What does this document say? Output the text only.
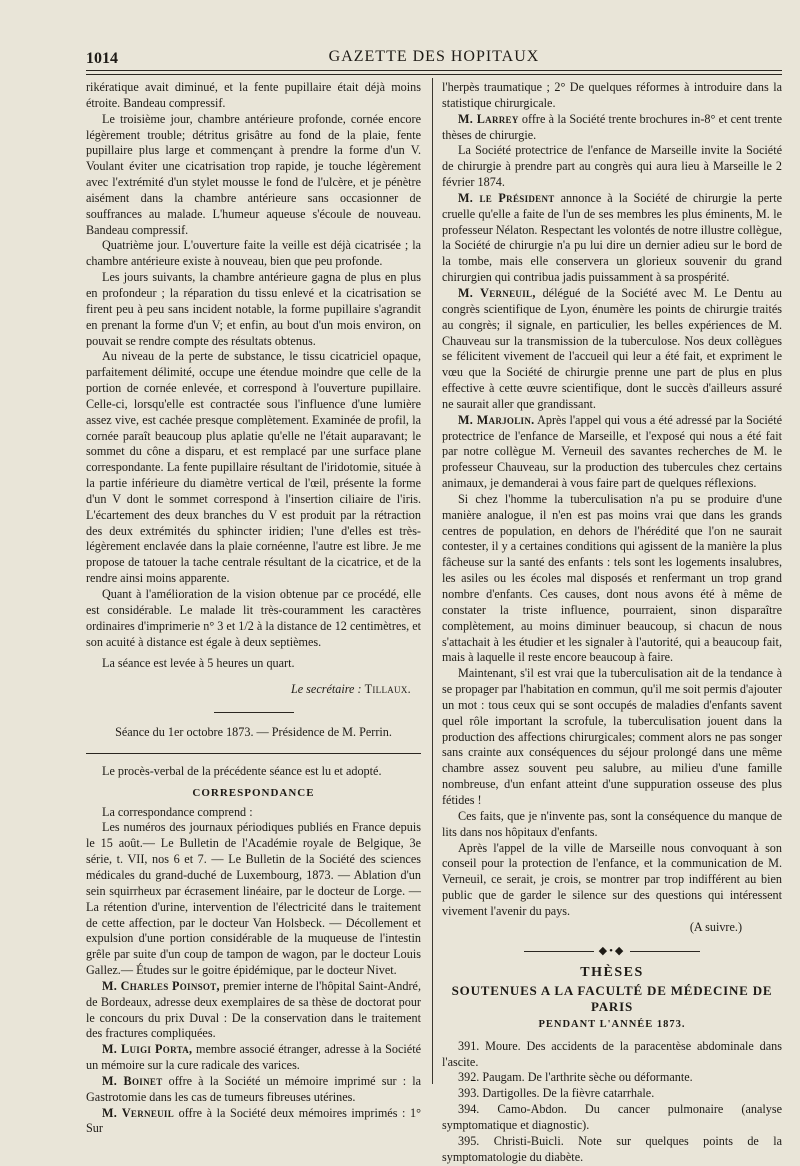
1014	GAZETTE DES HOPITAUX

rikératique avait diminué, et la fente pupillaire était déjà moins étroite. Bandeau compressif.

Le troisième jour, chambre antérieure profonde, cornée encore légèrement trouble; détritus grisâtre au fond de la plaie, fente pupillaire plus large et commençant à prendre la forme d'un V. Voulant éviter une cicatrisation trop rapide, je touche légèrement avec l'extrémité d'un stylet mousse le fond de l'ulcère, et je pénètre aisément dans la chambre antérieure sans occasionner de souffrances au malade. L'humeur aqueuse s'écoule de nouveau. Bandeau compressif.

Quatrième jour. L'ouverture faite la veille est déjà cicatrisée ; la chambre antérieure existe à nouveau, bien que peu profonde.

Les jours suivants, la chambre antérieure gagna de plus en plus en profondeur ; la réparation du tissu enlevé et la cicatrisation se firent peu à peu sans incident notable, la forme pupillaire s'agrandit en prenant la forme d'un V; et enfin, au bout d'un mois environ, on pouvait se rendre compte des résultats obtenus.

Au niveau de la perte de substance, le tissu cicatriciel opaque, parfaitement délimité, occupe une étendue moindre que celle de la portion de cornée enlevée, et correspond à l'ouverture pupillaire. Celle-ci, lorsqu'elle est contractée sous l'influence d'une lumière assez vive, est cachée presque complètement. Examinée de profil, la cornée paraît beaucoup plus aplatie qu'elle ne l'était auparavant; le sommet du cône a disparu, et est remplacé par une surface plane correspondante. La fente pupillaire résultant de l'iridotomie, située à la partie inférieure du diamètre vertical de l'œil, présente la forme d'un V dont le sommet correspond à l'insertion ciliaire de l'iris. L'écartement des deux branches du V est produit par la rétraction des deux extrémités du sphincter iridien; l'une d'elles est très-légèrement enclavée dans la plaie cornéenne, l'autre est libre. Je me propose de tatouer la tache centrale résultant de la cicatrice, et de la rendre ainsi moins apparente.

Quant à l'amélioration de la vision obtenue par ce procédé, elle est considérable. Le malade lit très-couramment les caractères ordinaires d'imprimerie n° 3 et 1/2 à la distance de 12 centimètres, et son acuité à distance est égale à deux septièmes.

La séance est levée à 5 heures un quart.

Le secrétaire : Tillaux.

Séance du 1er octobre 1873. — Présidence de M. Perrin.

Le procès-verbal de la précédente séance est lu et adopté.

CORRESPONDANCE

La correspondance comprend :

Les numéros des journaux périodiques publiés en France depuis le 15 août.— Le Bulletin de l'Académie royale de Belgique, 3e série, t. VII, nos 6 et 7. — Le Bulletin de la Société des sciences médicales du grand-duché de Luxembourg, 1873. — Ablation d'un sein squirrheux par écrasement linéaire, par le docteur de Lorge. — La rétention d'urine, intervention de l'électricité dans le traitement de cette affection, par le docteur Van Holsbeck. — Décollement et expulsion d'une portion considérable de la muqueuse de l'intestin grêle par suite d'un coup de tampon de wagon, par le docteur Louis Gallez.— Études sur le goitre épidémique, par le docteur Nivet.

M. Charles Poinsot, premier interne de l'hôpital Saint-André, de Bordeaux, adresse deux exemplaires de sa thèse de doctorat pour le concours du prix Duval : De la conservation dans le traitement des fractures compliquées.

M. Luigi Porta, membre associé étranger, adresse à la Société un mémoire sur la cure radicale des varices.

M. Boinet offre à la Société un mémoire imprimé sur : la Gastrotomie dans les cas de tumeurs fibreuses utérines.

M. Verneuil offre à la Société deux mémoires imprimés : 1° Sur

l'herpès traumatique ; 2° De quelques réformes à introduire dans la statistique chirurgicale.

M. Larrey offre à la Société trente brochures in-8° et cent trente thèses de chirurgie.

La Société protectrice de l'enfance de Marseille invite la Société de chirurgie à prendre part au congrès qui aura lieu à Marseille le 2 février 1874.

M. le Président annonce à la Société de chirurgie la perte cruelle qu'elle a faite de l'un de ses membres les plus éminents, M. le professeur Nélaton. Respectant les volontés de notre illustre collègue, la Société de chirurgie n'a pu lui dire un dernier adieu sur le bord de la tombe, mais elle conservera un glorieux souvenir du grand chirurgien qui contribua jadis puissamment à sa prospérité.

M. Verneuil, délégué de la Société avec M. Le Dentu au congrès scientifique de Lyon, énumère les points de chirurgie traités au congrès; il signale, en particulier, les belles expériences de M. Chauveau sur la transmission de la tuberculose. Nos deux collègues se félicitent vivement de l'accueil qui leur a été fait, et expriment le vœu que la Société de chirurgie prenne une part de plus en plus effective à cette œuvre scientifique, dont le succès d'ailleurs assuré ne saurait aller que grandissant.

M. Marjolin. Après l'appel qui vous a été adressé par la Société protectrice de l'enfance de Marseille, et l'exposé qui nous a été fait par notre collègue M. Verneuil des savantes recherches de M. le professeur Chauveau, sur la production des tubercules chez certains animaux, je demanderai à vous faire part de quelques réflexions.

Si chez l'homme la tuberculisation n'a pu se produire d'une manière analogue, il n'en est pas moins vrai que dans les grands centres de population, en dehors de l'hérédité que l'on ne saurait contester, il y a certaines conditions qui agissent de la manière la plus fâcheuse sur la santé des enfants : tels sont les logements insalubres, les asiles ou les écoles mal disposés et renfermant un trop grand nombre d'enfants. Ces causes, dont nous avons été à même de constater la triste influence, pourraient, sinon disparaître complètement, au moins diminuer beaucoup, si chacun de nous s'attachait à les étudier et les signaler à l'autorité, qui a beaucoup fait, mais à laquelle il reste encore beaucoup à faire.

Maintenant, s'il est vrai que la tuberculisation ait de la tendance à se propager par l'habitation en commun, qu'il me soit permis d'ajouter un mot : tous ceux qui se sont occupés de maladies d'enfants savent quel rôle important la scrofule, la tuberculisation jouent dans la production des affections chirurgicales; comment alors ne pas songer sans crainte aux conséquences du séjour prolongé dans une même chambre assez souvent peu salubre, au milieu d'une famille nombreuse, d'un enfant atteint d'une suppuration osseuse des plus fétides !

Ces faits, que je n'invente pas, sont la conséquence du manque de lits dans nos hôpitaux d'enfants.

Après l'appel de la ville de Marseille nous convoquant à son conseil pour la protection de l'enfance, et la communication de M. Verneuil, ce serait, je crois, se montrer par trop indifférent au bien public que de garder le silence sur des questions qui intéressent vivement l'avenir du pays.

(A suivre.)

◆•◆

THÈSES

SOUTENUES A LA FACULTÉ DE MÉDECINE DE PARIS

PENDANT L'ANNÉE 1873.

391. Moure. Des accidents de la paracentèse abdominale dans l'ascite.

392. Paugam. De l'arthrite sèche ou déformante.

393. Dartigolles. De la fièvre catarrhale.

394. Camo-Abdon. Du cancer pulmonaire (analyse symptomatique et diagnostic).

395. Christi-Buicli. Note sur quelques points de la symptomatologie du diabète.
